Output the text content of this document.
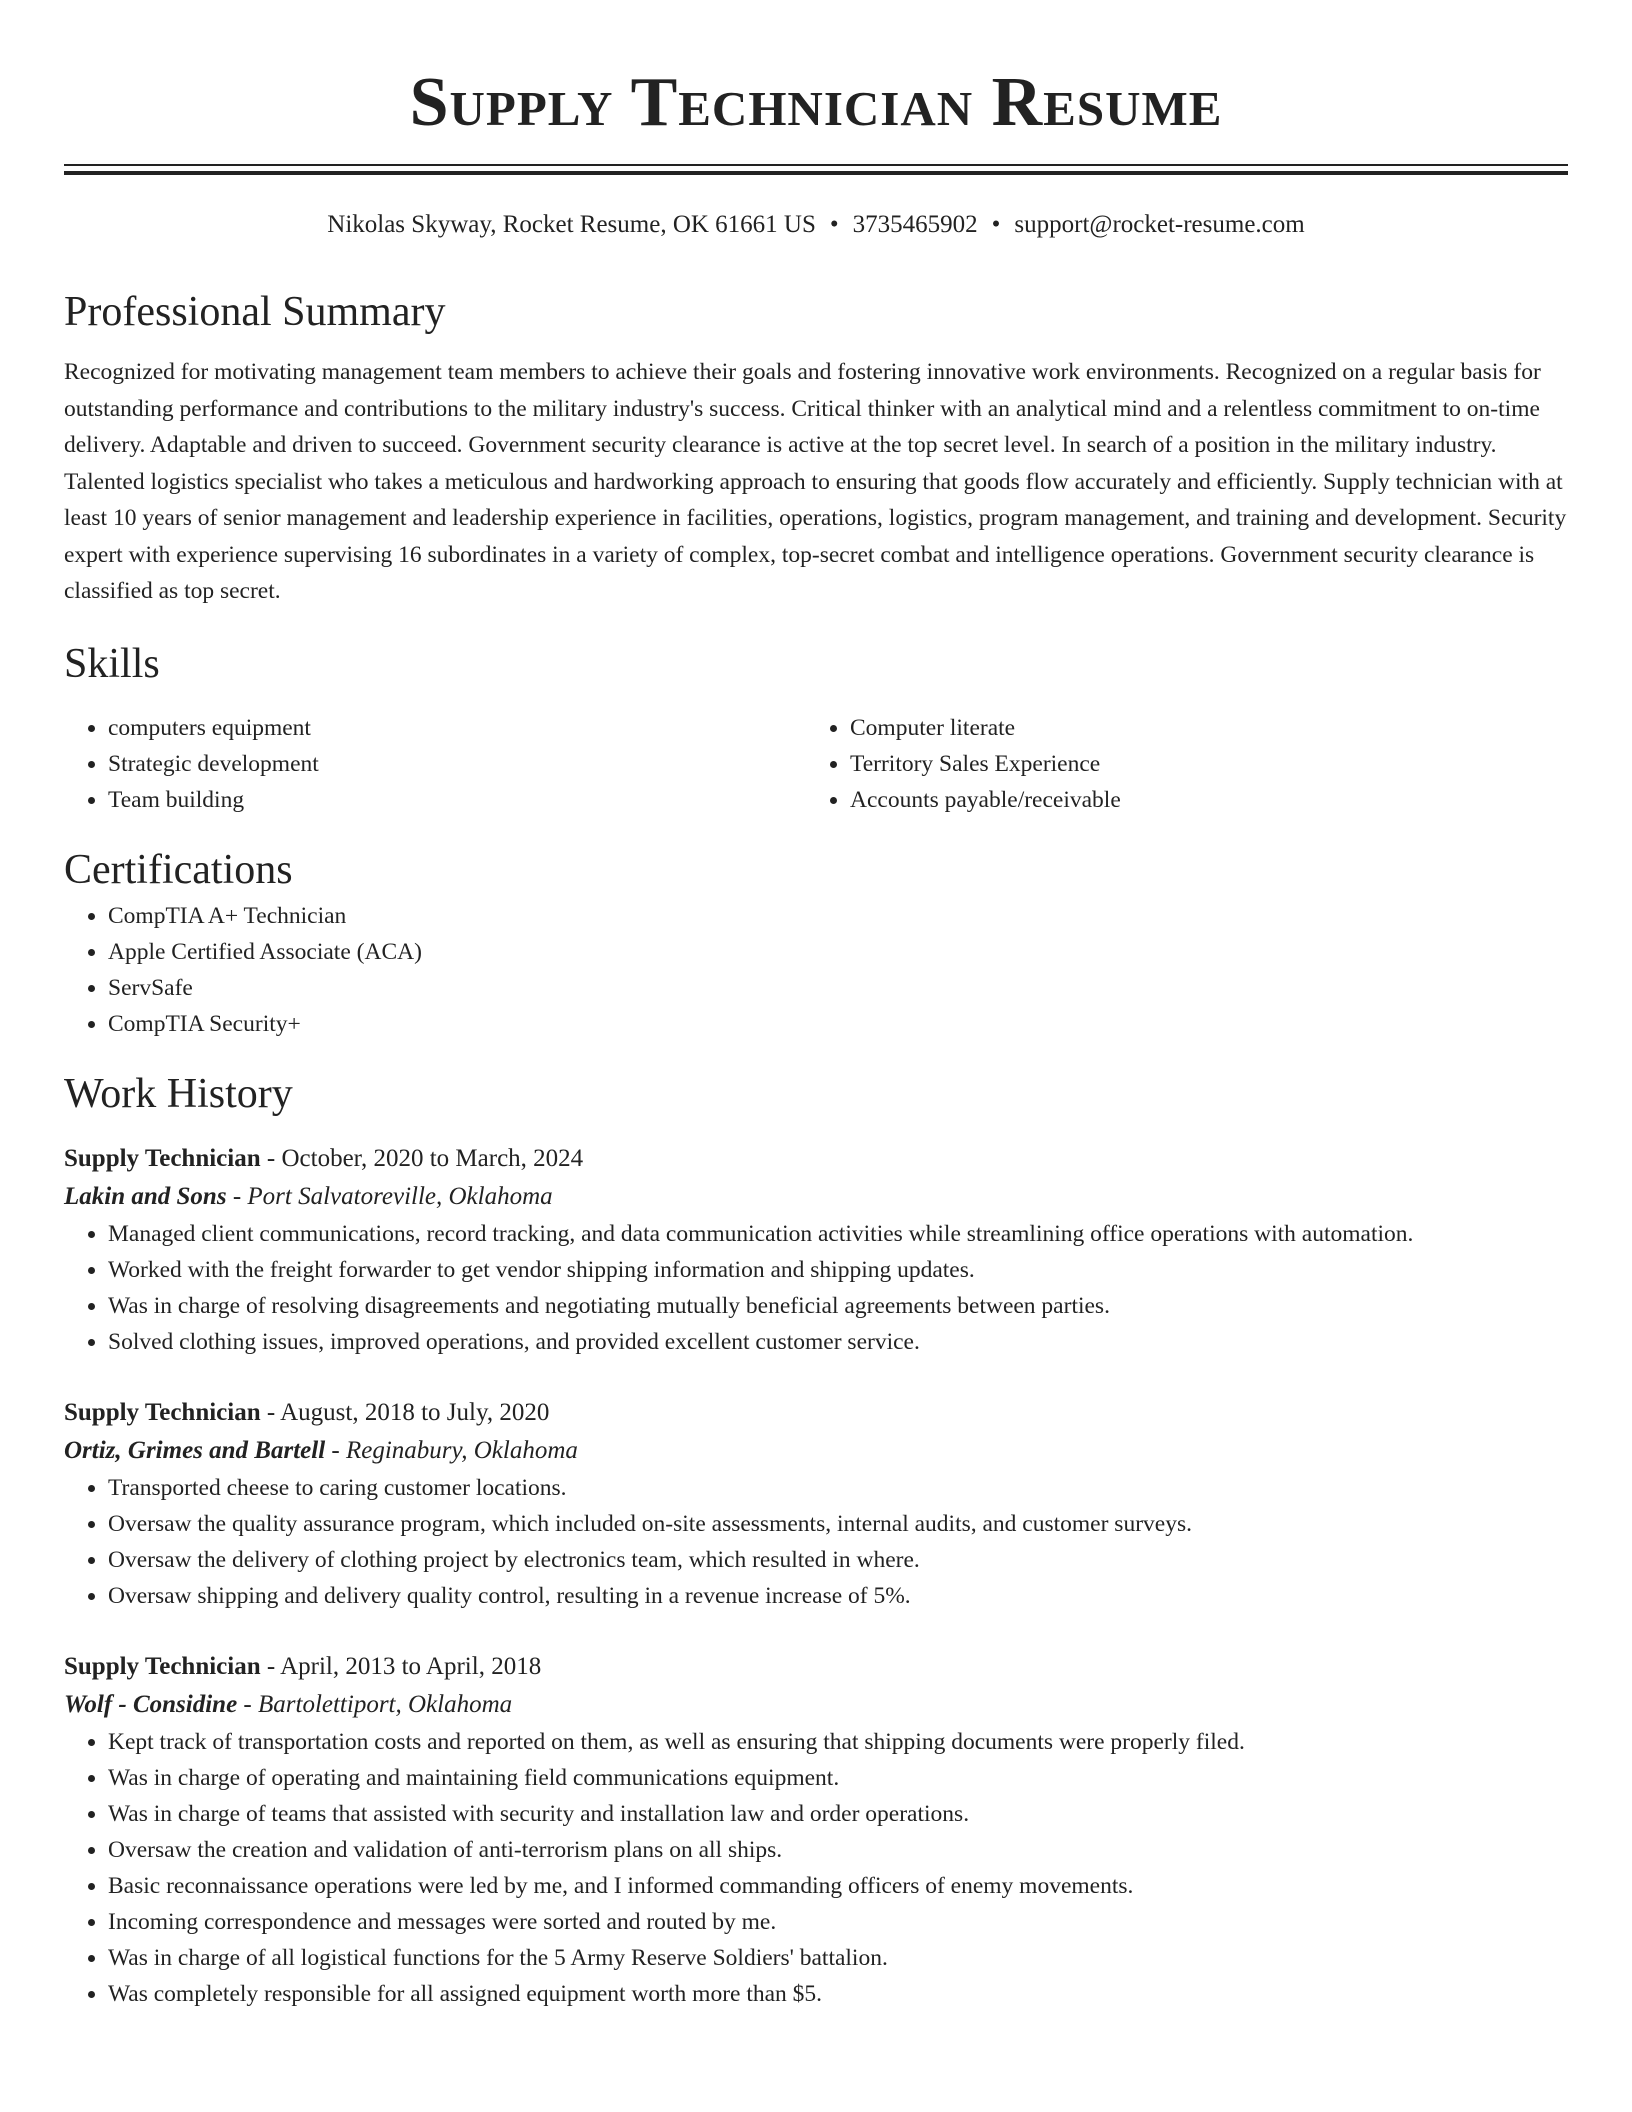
Supply Technician Resume
Nikolas Skyway, Rocket Resume, OK 61661 US • 3735465902 • support@rocket-resume.com
Professional Summary
Recognized for motivating management team members to achieve their goals and fostering innovative work environments. Recognized on a regular basis for outstanding performance and contributions to the military industry's success. Critical thinker with an analytical mind and a relentless commitment to on-time delivery. Adaptable and driven to succeed. Government security clearance is active at the top secret level. In search of a position in the military industry. Talented logistics specialist who takes a meticulous and hardworking approach to ensuring that goods flow accurately and efficiently. Supply technician with at least 10 years of senior management and leadership experience in facilities, operations, logistics, program management, and training and development. Security expert with experience supervising 16 subordinates in a variety of complex, top-secret combat and intelligence operations. Government security clearance is classified as top secret.
Skills
• computers equipment
• Strategic development
• Team building
• Computer literate
• Territory Sales Experience
• Accounts payable/receivable
Certifications
• CompTIA A+ Technician
• Apple Certified Associate (ACA)
• ServSafe
• CompTIA Security+
Work History
Supply Technician - October, 2020 to March, 2024
Lakin and Sons - Port Salvatoreville, Oklahoma
• Managed client communications, record tracking, and data communication activities while streamlining office operations with automation.
• Worked with the freight forwarder to get vendor shipping information and shipping updates.
• Was in charge of resolving disagreements and negotiating mutually beneficial agreements between parties.
• Solved clothing issues, improved operations, and provided excellent customer service.
Supply Technician - August, 2018 to July, 2020
Ortiz, Grimes and Bartell - Reginabury, Oklahoma
• Transported cheese to caring customer locations.
• Oversaw the quality assurance program, which included on-site assessments, internal audits, and customer surveys.
• Oversaw the delivery of clothing project by electronics team, which resulted in where.
• Oversaw shipping and delivery quality control, resulting in a revenue increase of 5%.
Supply Technician - April, 2013 to April, 2018
Wolf - Considine - Bartolettiport, Oklahoma
• Kept track of transportation costs and reported on them, as well as ensuring that shipping documents were properly filed.
• Was in charge of operating and maintaining field communications equipment.
• Was in charge of teams that assisted with security and installation law and order operations.
• Oversaw the creation and validation of anti-terrorism plans on all ships.
• Basic reconnaissance operations were led by me, and I informed commanding officers of enemy movements.
• Incoming correspondence and messages were sorted and routed by me.
• Was in charge of all logistical functions for the 5 Army Reserve Soldiers' battalion.
• Was completely responsible for all assigned equipment worth more than $5.
